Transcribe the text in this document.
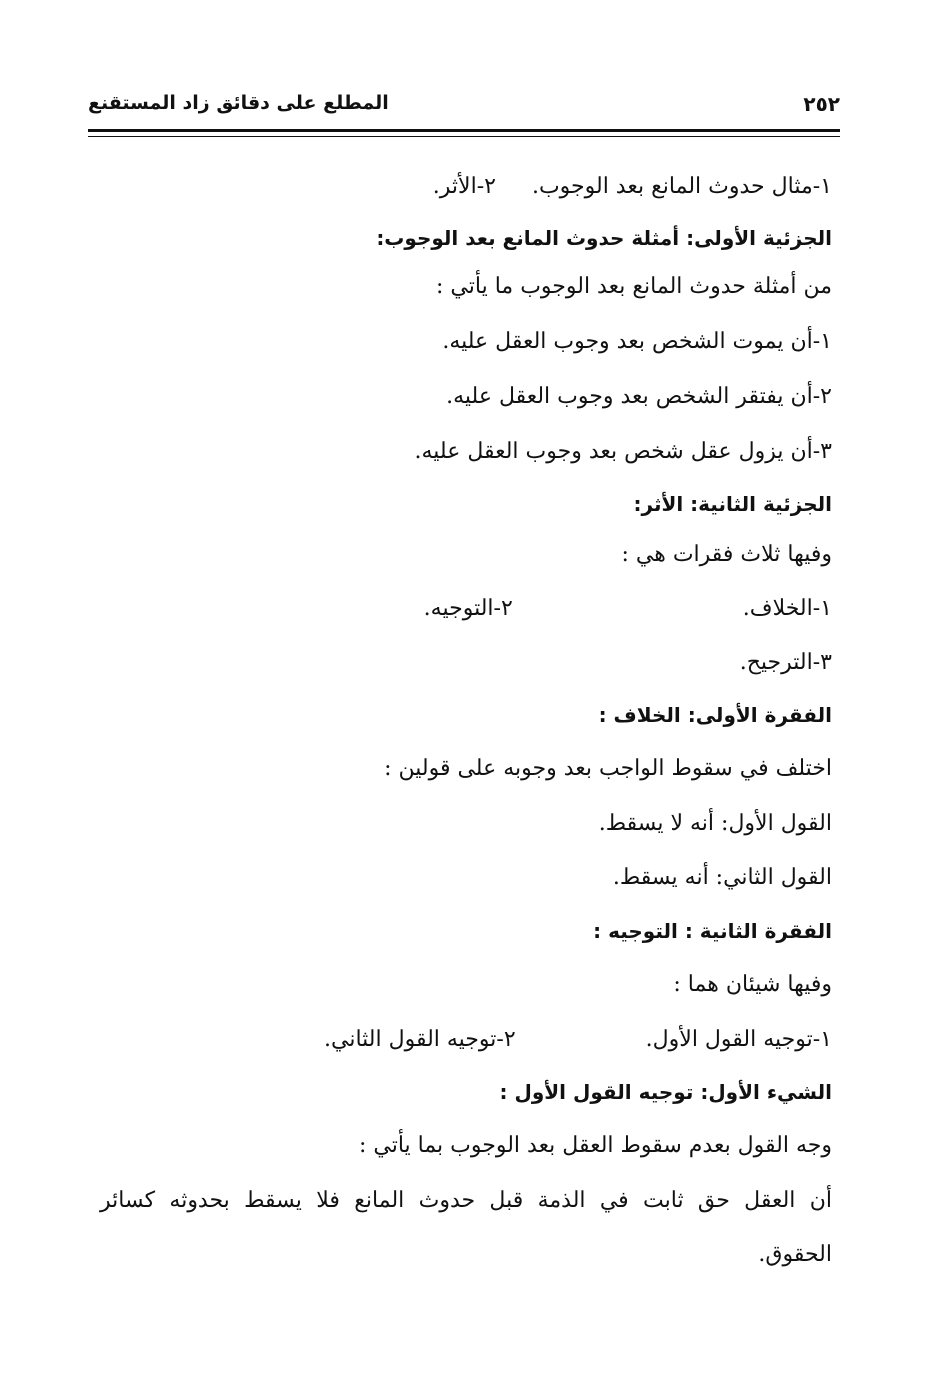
٢٥٢
المطلع على دقائق زاد المستقنع
١-مثال حدوث المانع بعد الوجوب.٢-الأثر.
الجزئية الأولى: أمثلة حدوث المانع بعد الوجوب:
من أمثلة حدوث المانع بعد الوجوب ما يأتي :
١-أن يموت الشخص بعد وجوب العقل عليه.
٢-أن يفتقر الشخص بعد وجوب العقل عليه.
٣-أن يزول عقل شخص بعد وجوب العقل عليه.
الجزئية الثانية: الأثر:
وفيها ثلاث فقرات هي :
١-الخلاف.٢-التوجيه.
٣-الترجيح.
الفقرة الأولى: الخلاف :
اختلف في سقوط الواجب بعد وجوبه على قولين :
القول الأول: أنه لا يسقط.
القول الثاني: أنه يسقط.
الفقرة الثانية : التوجيه :
وفيها شيئان هما :
١-توجيه القول الأول.٢-توجيه القول الثاني.
الشيء الأول: توجيه القول الأول :
وجه القول بعدم سقوط العقل بعد الوجوب بما يأتي :
أن العقل حق ثابت في الذمة قبل حدوث المانع فلا يسقط بحدوثه كسائر
الحقوق.
